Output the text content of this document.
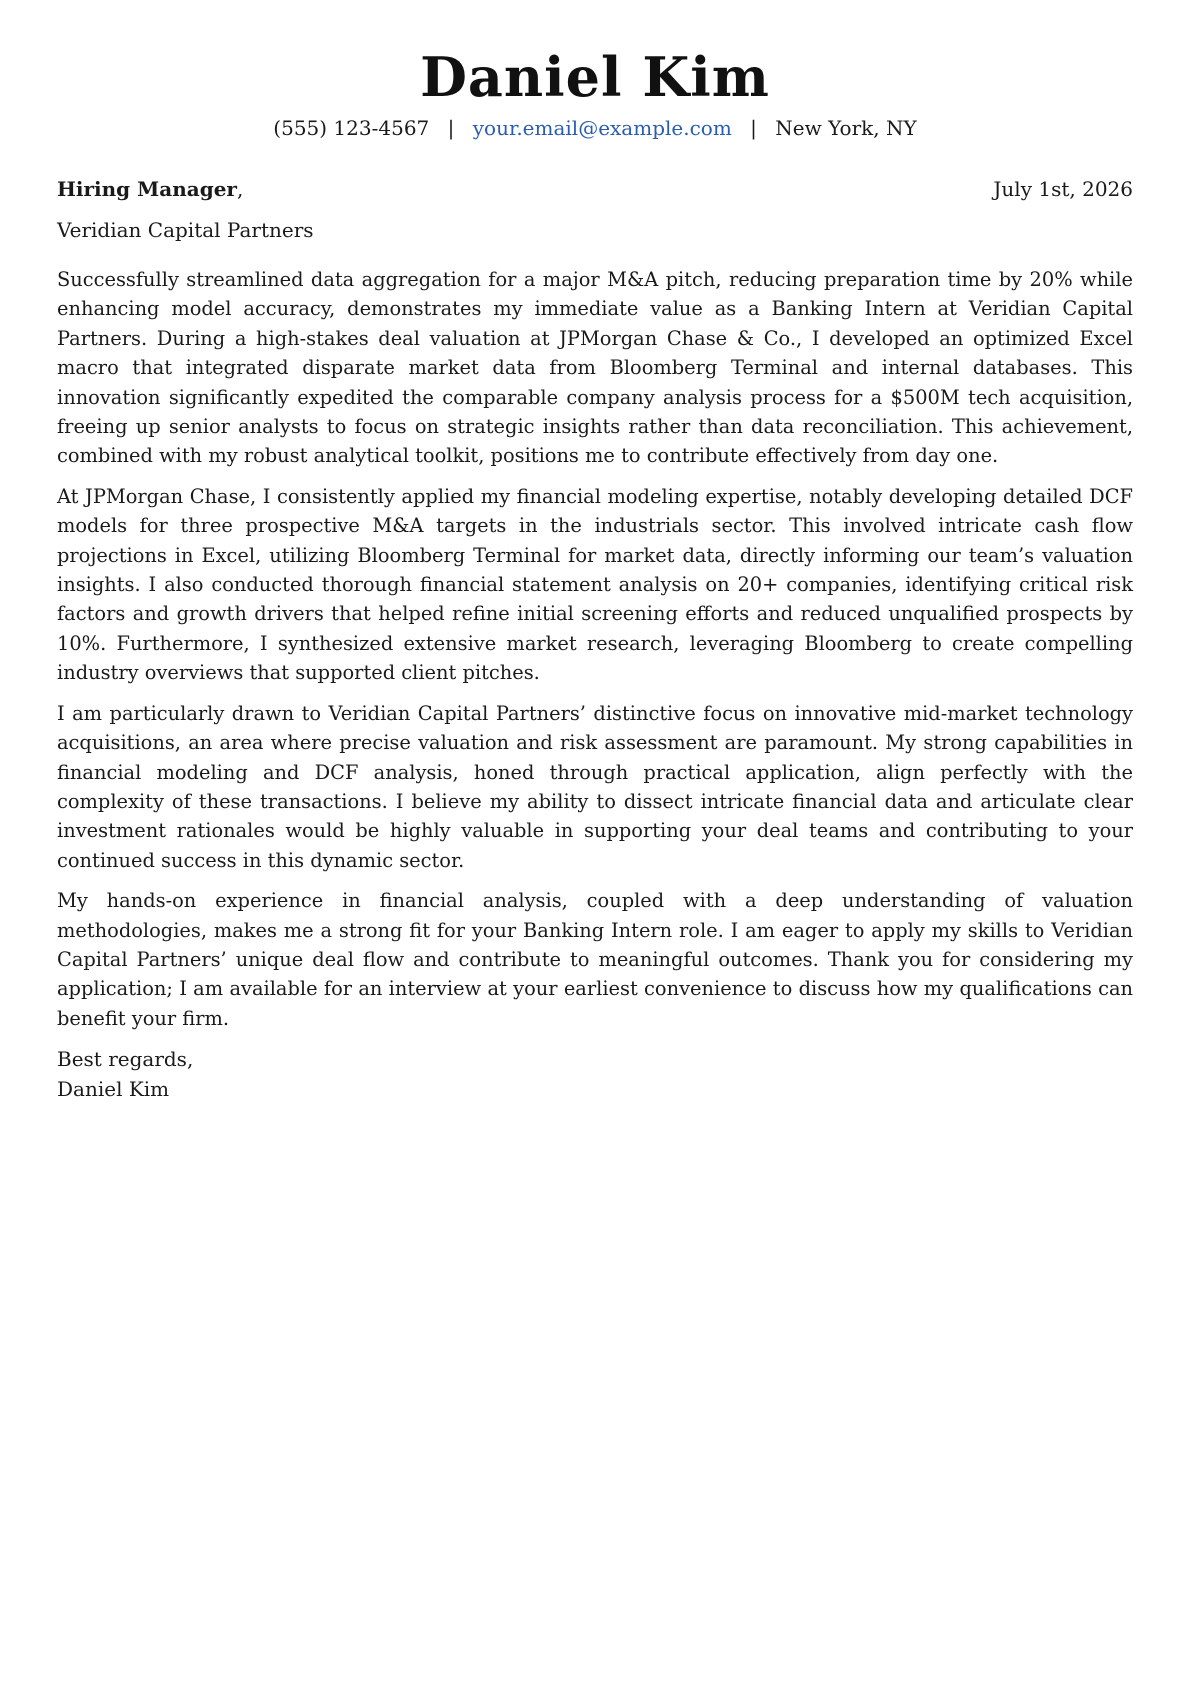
Daniel Kim
(555) 123-4567 | your.email@example.com | New York, NY
Hiring Manager,	July 1st, 2026
Veridian Capital Partners

Successfully streamlined data aggregation for a major M&A pitch, reducing preparation time by 20% while enhancing model accuracy, demonstrates my immediate value as a Banking Intern at Veridian Capital Partners. During a high-stakes deal valuation at JPMorgan Chase & Co., I developed an optimized Excel macro that integrated disparate market data from Bloomberg Terminal and internal databases. This innovation significantly expedited the comparable company analysis process for a $500M tech acquisition, freeing up senior analysts to focus on strategic insights rather than data reconciliation. This achievement, combined with my robust analytical toolkit, positions me to contribute effectively from day one.

At JPMorgan Chase, I consistently applied my financial modeling expertise, notably developing detailed DCF models for three prospective M&A targets in the industrials sector. This involved intricate cash flow projections in Excel, utilizing Bloomberg Terminal for market data, directly informing our team’s valuation insights. I also conducted thorough financial statement analysis on 20+ companies, identifying critical risk factors and growth drivers that helped refine initial screening efforts and reduced unqualified prospects by 10%. Furthermore, I synthesized extensive market research, leveraging Bloomberg to create compelling industry overviews that supported client pitches.

I am particularly drawn to Veridian Capital Partners’ distinctive focus on innovative mid-market technology acquisitions, an area where precise valuation and risk assessment are paramount. My strong capabilities in financial modeling and DCF analysis, honed through practical application, align perfectly with the complexity of these transactions. I believe my ability to dissect intricate financial data and articulate clear investment rationales would be highly valuable in supporting your deal teams and contributing to your continued success in this dynamic sector.

My hands-on experience in financial analysis, coupled with a deep understanding of valuation methodologies, makes me a strong fit for your Banking Intern role. I am eager to apply my skills to Veridian Capital Partners’ unique deal flow and contribute to meaningful outcomes. Thank you for considering my application; I am available for an interview at your earliest convenience to discuss how my qualifications can benefit your firm.

Best regards,
Daniel Kim
